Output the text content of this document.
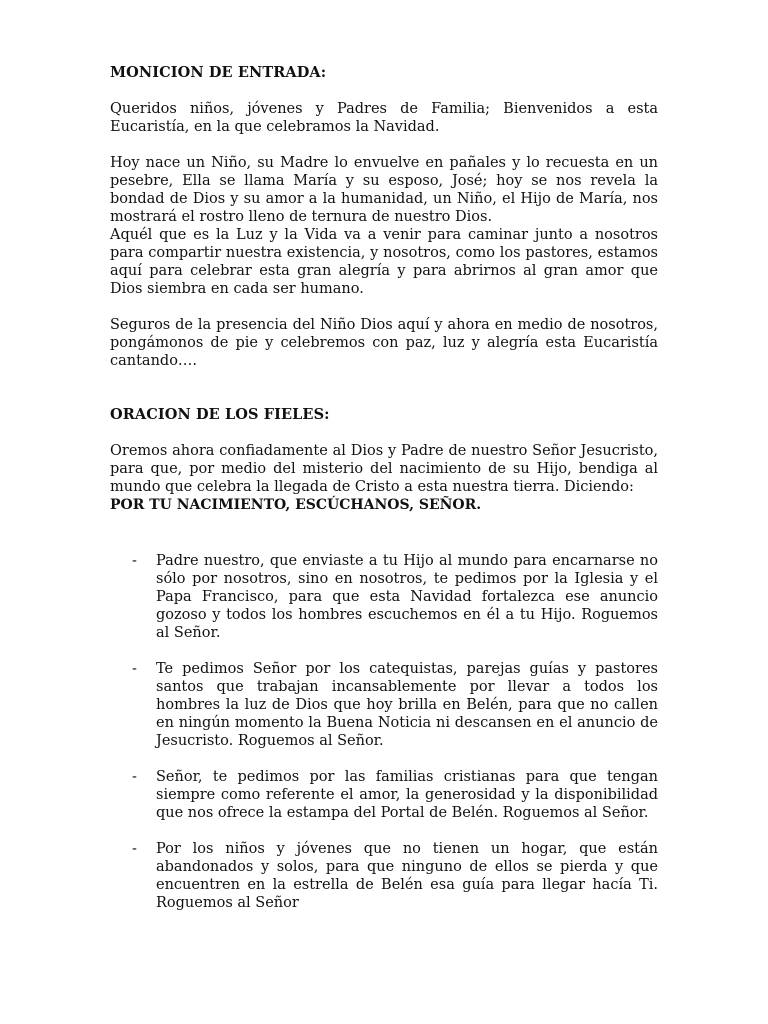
MONICION DE ENTRADA:

Queridos niños, jóvenes y Padres de Familia; Bienvenidos a esta Eucaristía, en la que celebramos la Navidad.

Hoy nace un Niño, su Madre lo envuelve en pañales y lo recuesta en un pesebre, Ella se llama María y su esposo, José; hoy se nos revela la bondad de Dios y su amor a la humanidad, un Niño, el Hijo de María, nos mostrará el rostro lleno de ternura de nuestro Dios.

Aquél que es la Luz y la Vida va a venir para caminar junto a nosotros para compartir nuestra existencia, y nosotros, como los pastores, estamos aquí para celebrar esta gran alegría y para abrirnos al gran amor que Dios siembra en cada ser humano.

Seguros de la presencia del Niño Dios aquí y ahora en medio de nosotros, pongámonos de pie y celebremos con paz, luz y alegría esta Eucaristía cantando….

ORACION DE LOS FIELES:

Oremos ahora confiadamente al Dios y Padre de nuestro Señor Jesucristo, para que, por medio del misterio del nacimiento de su Hijo, bendiga al mundo que celebra la llegada de Cristo a esta nuestra tierra. Diciendo:

POR TU NACIMIENTO, ESCÚCHANOS, SEÑOR.

- Padre nuestro, que enviaste a tu Hijo al mundo para encarnarse no sólo por nosotros, sino en nosotros, te pedimos por la Iglesia y el Papa Francisco, para que esta Navidad fortalezca ese anuncio gozoso y todos los hombres escuchemos en él a tu Hijo. Roguemos al Señor.
- Te pedimos Señor por los catequistas, parejas guías y pastores santos que trabajan incansablemente por llevar a todos los hombres la luz de Dios que hoy brilla en Belén, para que no callen en ningún momento la Buena Noticia ni descansen en el anuncio de Jesucristo. Roguemos al Señor.
- Señor, te pedimos por las familias cristianas para que tengan siempre como referente el amor, la generosidad y la disponibilidad que nos ofrece la estampa del Portal de Belén. Roguemos al Señor.
- Por los niños y jóvenes que no tienen un hogar, que están abandonados y solos, para que ninguno de ellos se pierda y que encuentren en la estrella de Belén esa guía para llegar hacía Ti. Roguemos al Señor
